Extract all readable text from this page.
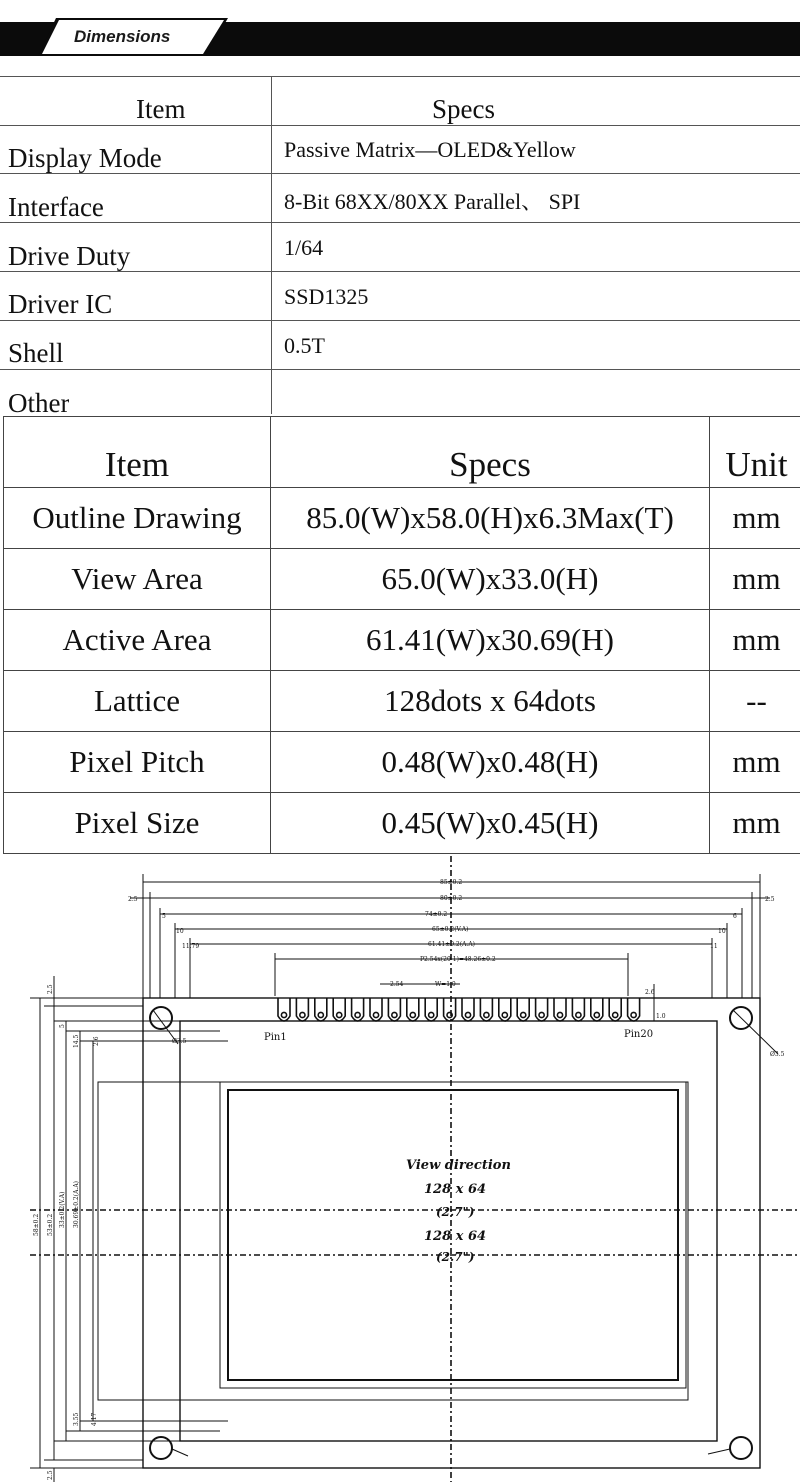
Dimensions
Item	Specs
Display Mode	Passive Matrix—OLED&Yellow
Interface	8-Bit 68XX/80XX Parallel、 SPI
Drive Duty	1/64
Driver IC	SSD1325
Shell	0.5T
Other
Item	Specs	Unit
Outline Drawing	85.0(W)x58.0(H)x6.3Max(T)	mm
View Area	65.0(W)x33.0(H)	mm
Active Area	61.41(W)x30.69(H)	mm
Lattice	128dots x 64dots	--
Pixel Pitch	0.48(W)x0.48(H)	mm
Pixel Size	0.45(W)x0.45(H)	mm
85±0.2
80±0.2
74±0.2
65±0.2(V.A)
61.41±0.2(A.A)
P2.54x(20-1)=48.26±0.2
2.54	W=1.0
2.5	2.5
5
10
11.79
6
10
11
Pin1	Pin20
2.6
1.0
Ø3.5
Ø3.5
View direction
128 x 64
(2.7")
128 x 64
(2.7")
58±0.2 53±0.2 33±0.2(V.A) 30.69±0.2(A.A)
2.5
5
14.5 2.6
3.55 4.17
2.5
